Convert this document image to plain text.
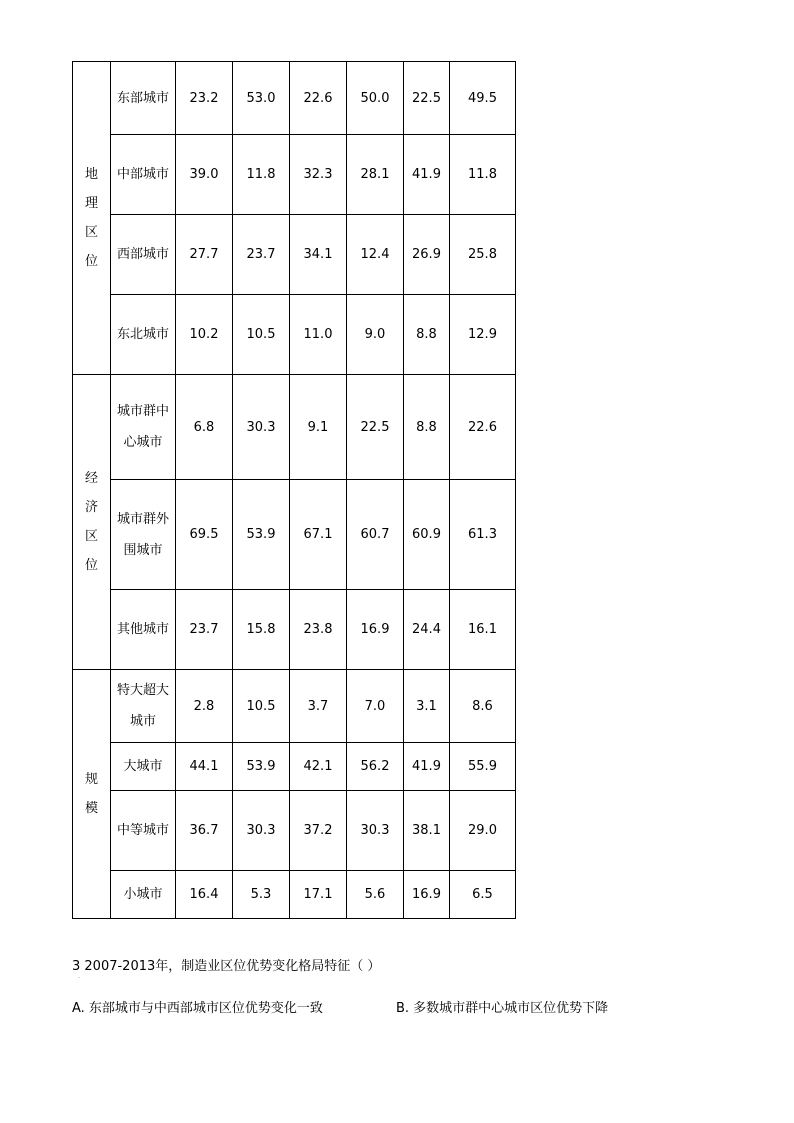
地
理
区
位	东部城市	23.2	53.0	22.6	50.0	22.5	49.5
	中部城市	39.0	11.8	32.3	28.1	41.9	11.8
	西部城市	27.7	23.7	34.1	12.4	26.9	25.8
	东北城市	10.2	10.5	11.0	9.0	8.8	12.9
经
济
区
位	城市群中心城市	6.8	30.3	9.1	22.5	8.8	22.6
	城市群外围城市	69.5	53.9	67.1	60.7	60.9	61.3
	其他城市	23.7	15.8	23.8	16.9	24.4	16.1
规
模	特大超大城市	2.8	10.5	3.7	7.0	3.1	8.6
	大城市	44.1	53.9	42.1	56.2	41.9	55.9
	中等城市	36.7	30.3	37.2	30.3	38.1	29.0
	小城市	16.4	5.3	17.1	5.6	16.9	6.5
3 2007-2013年，制造业区位优势变化格局特征（ ）
·
A. 东部城市与中西部城市区位优势变化一致	B. 多数城市群中心城市区位优势下降
